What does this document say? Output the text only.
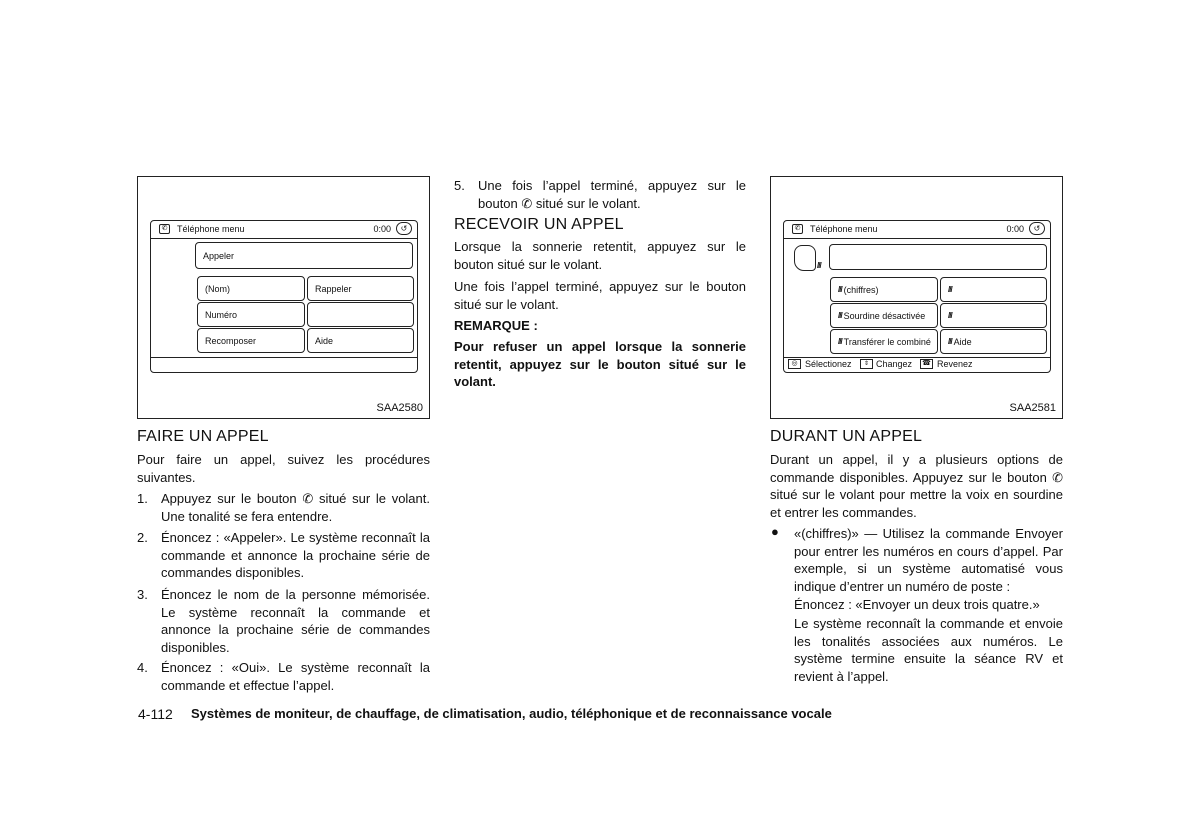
✆ Téléphone menu	0:00	↺
Appeler
(Nom)	Rappeler
Numéro
Recomposer	Aide
SAA2580
FAIRE UN APPEL
Pour faire un appel, suivez les procédures suivantes.
1. Appuyez sur le bouton ✆ situé sur le volant. Une tonalité se fera entendre.
2. Énoncez : «Appeler». Le système reconnaît la commande et annonce la prochaine série de commandes disponibles.
3. Énoncez le nom de la personne mémorisée. Le système reconnaît la commande et annonce la prochaine série de commandes disponibles.
4. Énoncez : «Oui». Le système reconnaît la commande et effectue l’appel.
5. Une fois l’appel terminé, appuyez sur le bouton ✆ situé sur le volant.
RECEVOIR UN APPEL
Lorsque la sonnerie retentit, appuyez sur le bouton situé sur le volant.
Une fois l’appel terminé, appuyez sur le bouton situé sur le volant.
REMARQUE :
Pour refuser un appel lorsque la sonnerie retentit, appuyez sur le bouton situé sur le volant.
✆ Téléphone menu	0:00	↺
///
/// (chiffres)	///
/// Sourdine désactivée	///
/// Transférer le combiné /// Aide
◎ Sélectionez	⇕ Changez	☎ Revenez
SAA2581
DURANT UN APPEL
Durant un appel, il y a plusieurs options de commande disponibles. Appuyez sur le bouton ✆ situé sur le volant pour mettre la voix en sourdine et entrer les commandes.
● «(chiffres)» — Utilisez la commande Envoyer pour entrer les numéros en cours d’appel. Par exemple, si un système automatisé vous indique d’entrer un numéro de poste :
Énoncez : «Envoyer un deux trois quatre.»
Le système reconnaît la commande et envoie les tonalités associées aux numéros. Le système termine ensuite la séance RV et revient à l’appel.
4-112 Systèmes de moniteur, de chauffage, de climatisation, audio, téléphonique et de reconnaissance vocale
